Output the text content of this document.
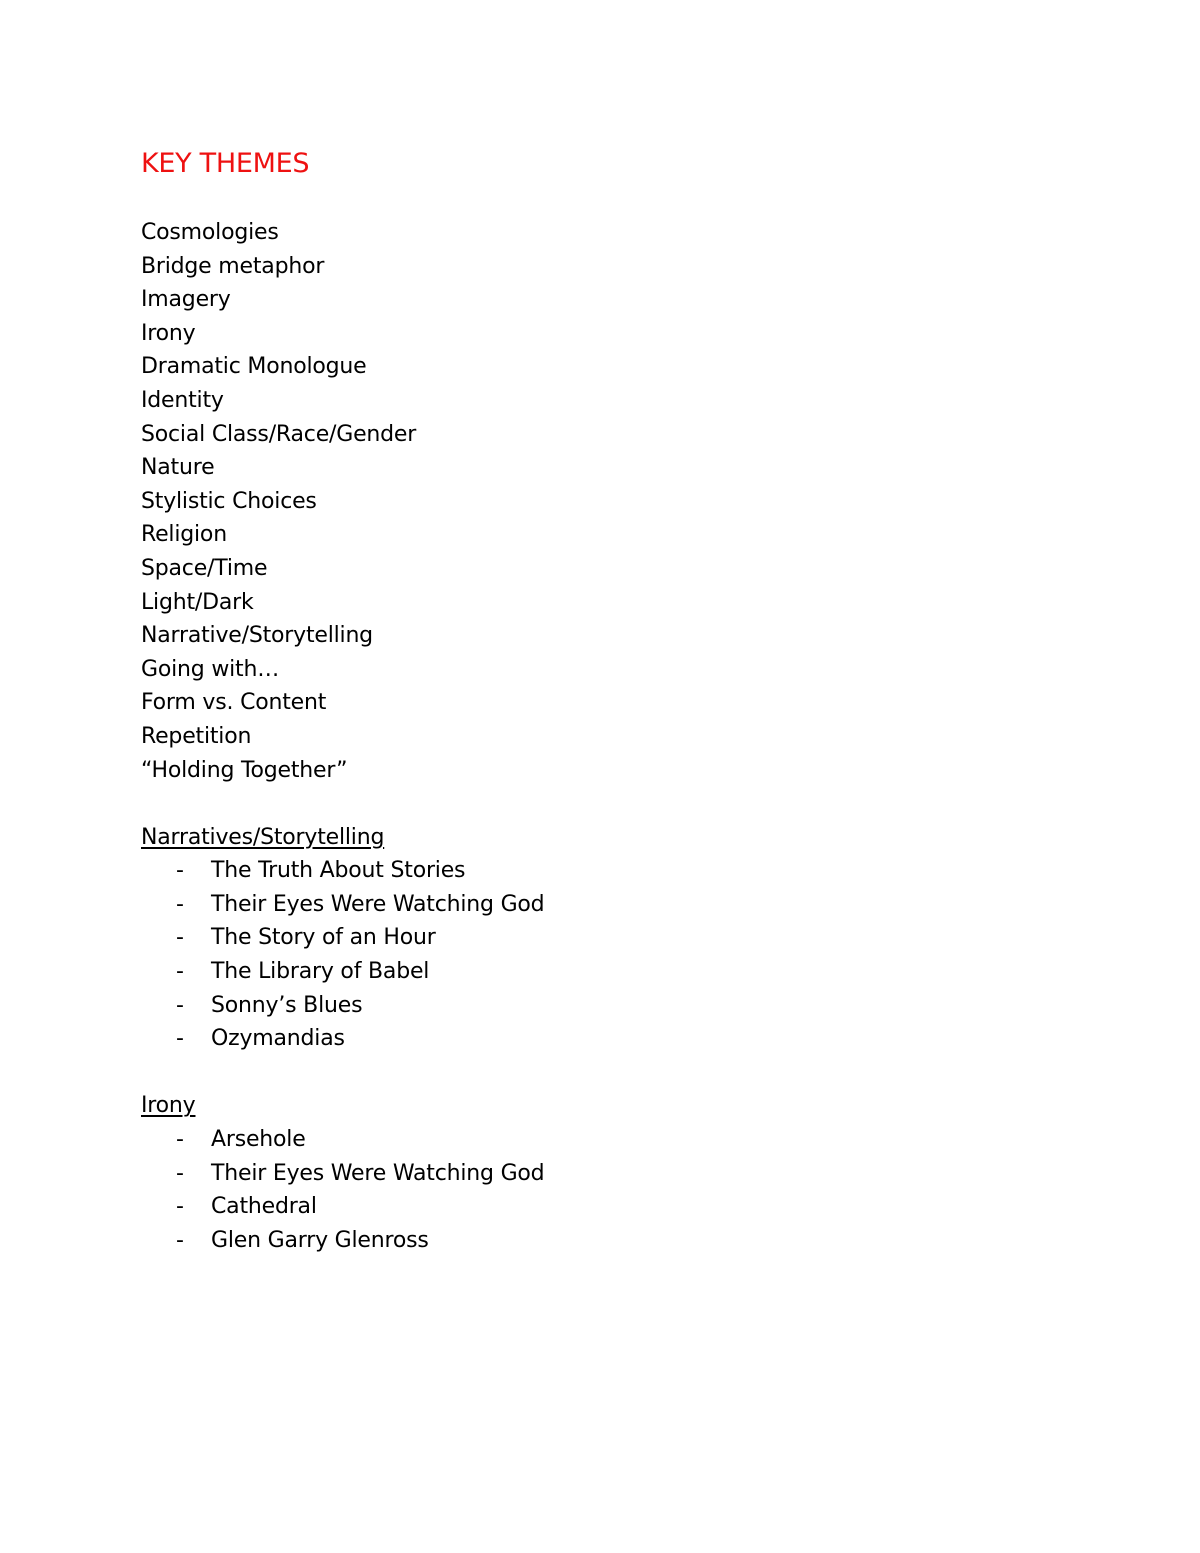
KEY THEMES
Cosmologies
Bridge metaphor
Imagery
Irony
Dramatic Monologue
Identity
Social Class/Race/Gender
Nature
Stylistic Choices
Religion
Space/Time
Light/Dark
Narrative/Storytelling
Going with…
Form vs. Content
Repetition
“Holding Together”
Narratives/Storytelling
- The Truth About Stories
- Their Eyes Were Watching God
- The Story of an Hour
- The Library of Babel
- Sonny’s Blues
- Ozymandias
Irony
- Arsehole
- Their Eyes Were Watching God
- Cathedral
- Glen Garry Glenross
